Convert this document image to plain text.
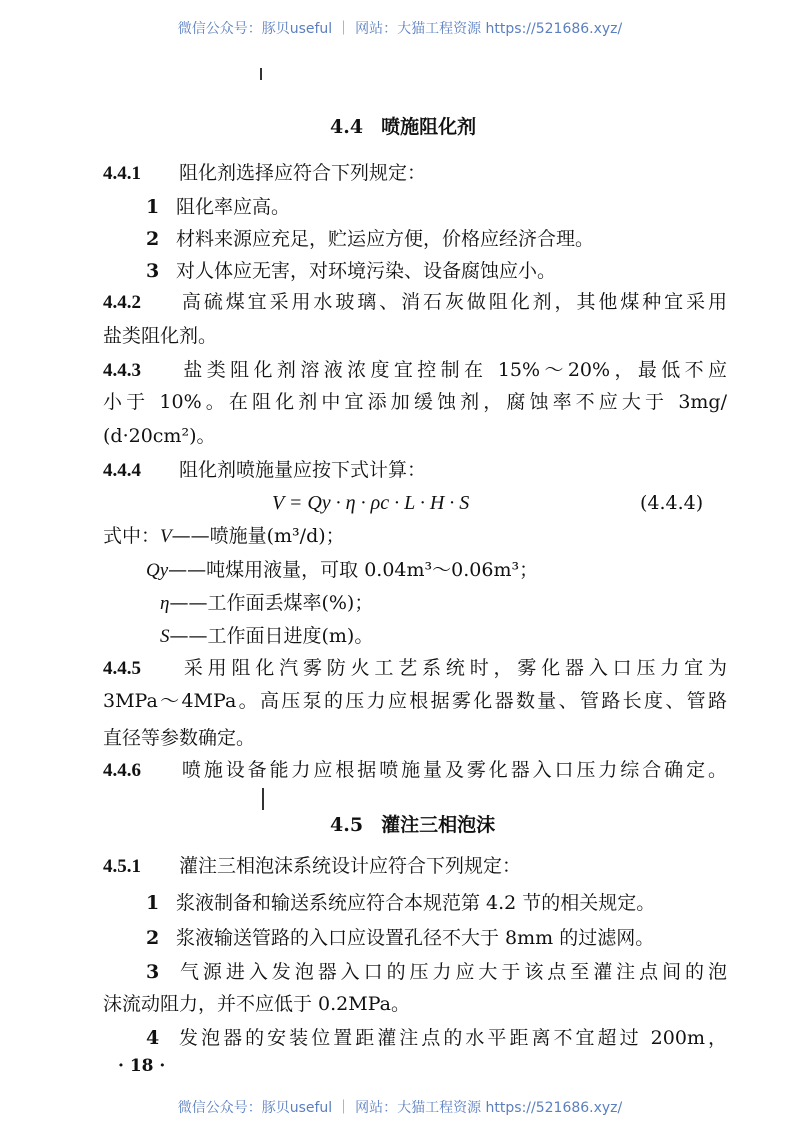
微信公众号：豚贝useful ｜ 网站：大猫工程资源 https://521686.xyz/
4.4 喷施阻化剂
4.4.1 阻化剂选择应符合下列规定：
1 阻化率应高。
2 材料来源应充足，贮运应方便，价格应经济合理。
3 对人体应无害，对环境污染、设备腐蚀应小。
4.4.2 高硫煤宜采用水玻璃、消石灰做阻化剂，其他煤种宜采用
盐类阻化剂。
4.4.3 盐类阻化剂溶液浓度宜控制在 15%～20%，最低不应
小于 10%。在阻化剂中宜添加缓蚀剂，腐蚀率不应大于 3mg/
(d·20cm²)。
4.4.4 阻化剂喷施量应按下式计算：
V = Qy · η · ρc · L · H · S	(4.4.4)
式中：V——喷施量(m³/d)；
Qy——吨煤用液量，可取 0.04m³～0.06m³；
η——工作面丢煤率(%)；
S——工作面日进度(m)。
4.4.5 采用阻化汽雾防火工艺系统时，雾化器入口压力宜为
3MPa～4MPa。高压泵的压力应根据雾化器数量、管路长度、管路
直径等参数确定。
4.4.6 喷施设备能力应根据喷施量及雾化器入口压力综合确定。
4.5 灌注三相泡沫
4.5.1 灌注三相泡沫系统设计应符合下列规定：
1 浆液制备和输送系统应符合本规范第 4.2 节的相关规定。
2 浆液输送管路的入口应设置孔径不大于 8mm 的过滤网。
3 气源进入发泡器入口的压力应大于该点至灌注点间的泡
沫流动阻力，并不应低于 0.2MPa。
4 发泡器的安装位置距灌注点的水平距离不宜超过 200m，
· 18 ·
微信公众号：豚贝useful ｜ 网站：大猫工程资源 https://521686.xyz/
